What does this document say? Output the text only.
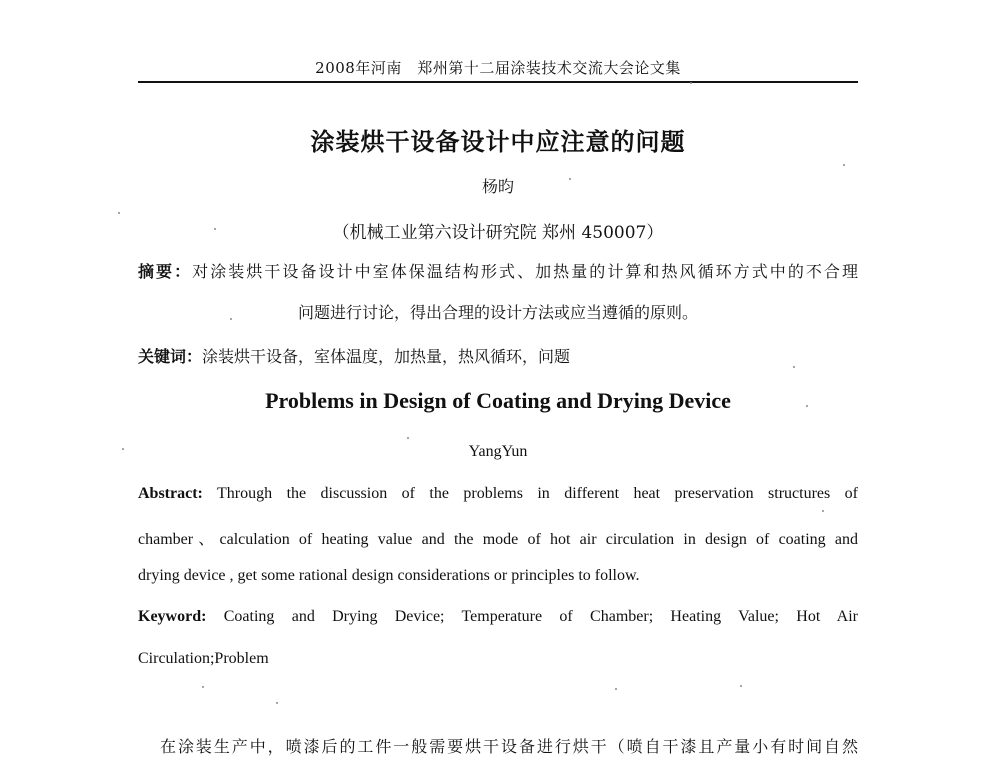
2008年河南　郑州第十二届涂装技术交流大会论文集
涂装烘干设备设计中应注意的问题
杨昀
（机械工业第六设计研究院 郑州 450007）
摘要：对涂装烘干设备设计中室体保温结构形式、加热量的计算和热风循环方式中的不合理
问题进行讨论，得出合理的设计方法或应当遵循的原则。
关键词：涂装烘干设备，室体温度，加热量，热风循环，问题
Problems in Design of Coating and Drying Device
YangYun
Abstract: Through the discussion of the problems in different heat preservation structures of
chamber、calculation of heating value and the mode of hot air circulation in design of coating and
drying device , get some rational design considerations or principles to follow.
Keyword: Coating and Drying Device; Temperature of Chamber; Heating Value; Hot Air
Circulation;Problem
在涂装生产中，喷漆后的工件一般需要烘干设备进行烘干（喷自干漆且产量小有时间自然
